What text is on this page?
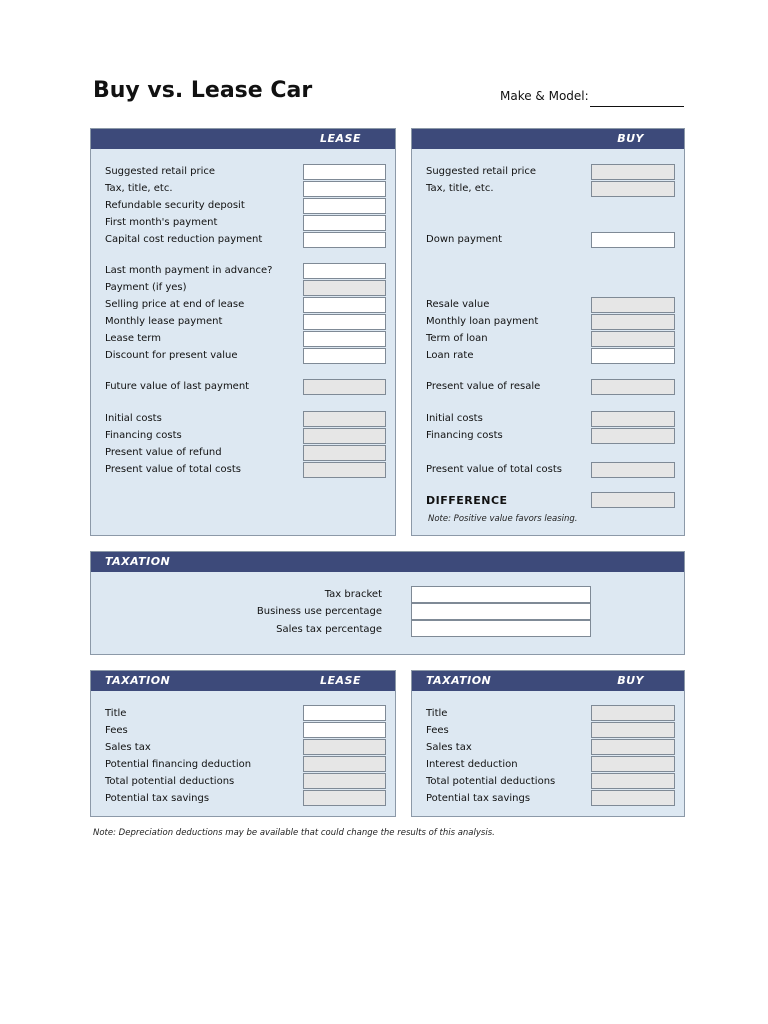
Buy vs. Lease Car	Make & Model:
LEASE
Suggested retail price
Tax, title, etc.
Refundable security deposit
First month's payment
Capital cost reduction payment
Last month payment in advance?
Payment (if yes)
Selling price at end of lease
Monthly lease payment
Lease term
Discount for present value
Future value of last payment
Initial costs
Financing costs
Present value of refund
Present value of total costs
BUY
Suggested retail price
Tax, title, etc.
Down payment
Resale value
Monthly loan payment
Term of loan
Loan rate
Present value of resale
Initial costs
Financing costs
Present value of total costs
DIFFERENCE
Note: Positive value favors leasing.
TAXATION
Tax bracket
Business use percentage
Sales tax percentage
TAXATION	LEASE
Title
Fees
Sales tax
Potential financing deduction
Total potential deductions
Potential tax savings
TAXATION	BUY
Title
Fees
Sales tax
Interest deduction
Total potential deductions
Potential tax savings
Note: Depreciation deductions may be available that could change the results of this analysis.
